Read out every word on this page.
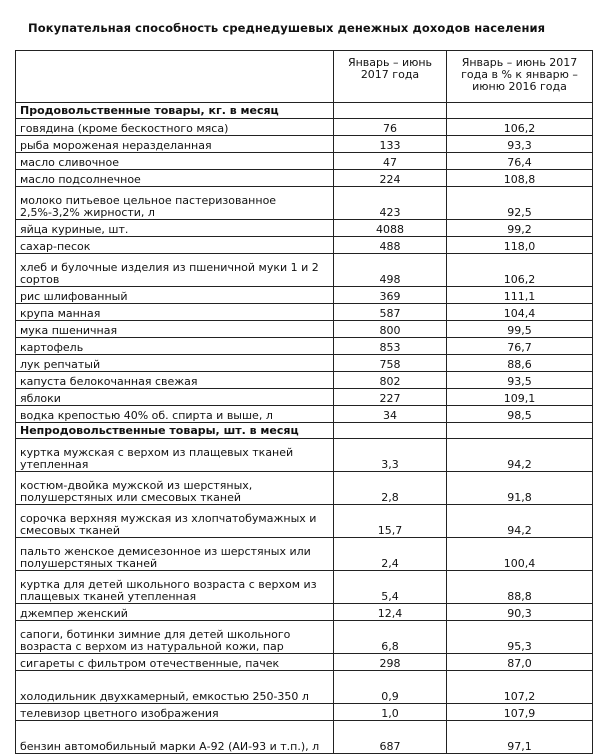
Покупательная способность среднедушевых денежных доходов населения
	Январь – июнь 2017 года	Январь – июнь 2017 года в % к январю – июню 2016 года
Продовольственные товары, кг. в месяц		
говядина (кроме бескостного мяса)	76	106,2
рыба мороженая неразделанная	133	93,3
масло сливочное	47	76,4
масло подсолнечное	224	108,8
молоко питьевое цельное пастеризованное 2,5%-3,2% жирности, л	423	92,5
яйца куриные, шт.	4088	99,2
сахар-песок	488	118,0
хлеб и булочные изделия из пшеничной муки 1 и 2 сортов	498	106,2
рис шлифованный	369	111,1
крупа манная	587	104,4
мука пшеничная	800	99,5
картофель	853	76,7
лук репчатый	758	88,6
капуста белокочанная свежая	802	93,5
яблоки	227	109,1
водка крепостью 40% об. спирта и выше, л	34	98,5
Непродовольственные товары, шт. в месяц		
куртка мужская с верхом из плащевых тканей утепленная	3,3	94,2
костюм-двойка мужской из шерстяных, полушерстяных или смесовых тканей	2,8	91,8
сорочка верхняя мужская из хлопчатобумажных и смесовых тканей	15,7	94,2
пальто женское демисезонное из шерстяных или полушерстяных тканей	2,4	100,4
куртка для детей школьного возраста с верхом из плащевых тканей утепленная	5,4	88,8
джемпер женский	12,4	90,3
сапоги, ботинки зимние для детей школьного возраста с верхом из натуральной кожи, пар	6,8	95,3
сигареты с фильтром отечественные, пачек	298	87,0
холодильник двухкамерный, емкостью 250-350 л	0,9	107,2
телевизор цветного изображения	1,0	107,9
бензин автомобильный марки А-92 (АИ-93 и т.п.), л	687	97,1
